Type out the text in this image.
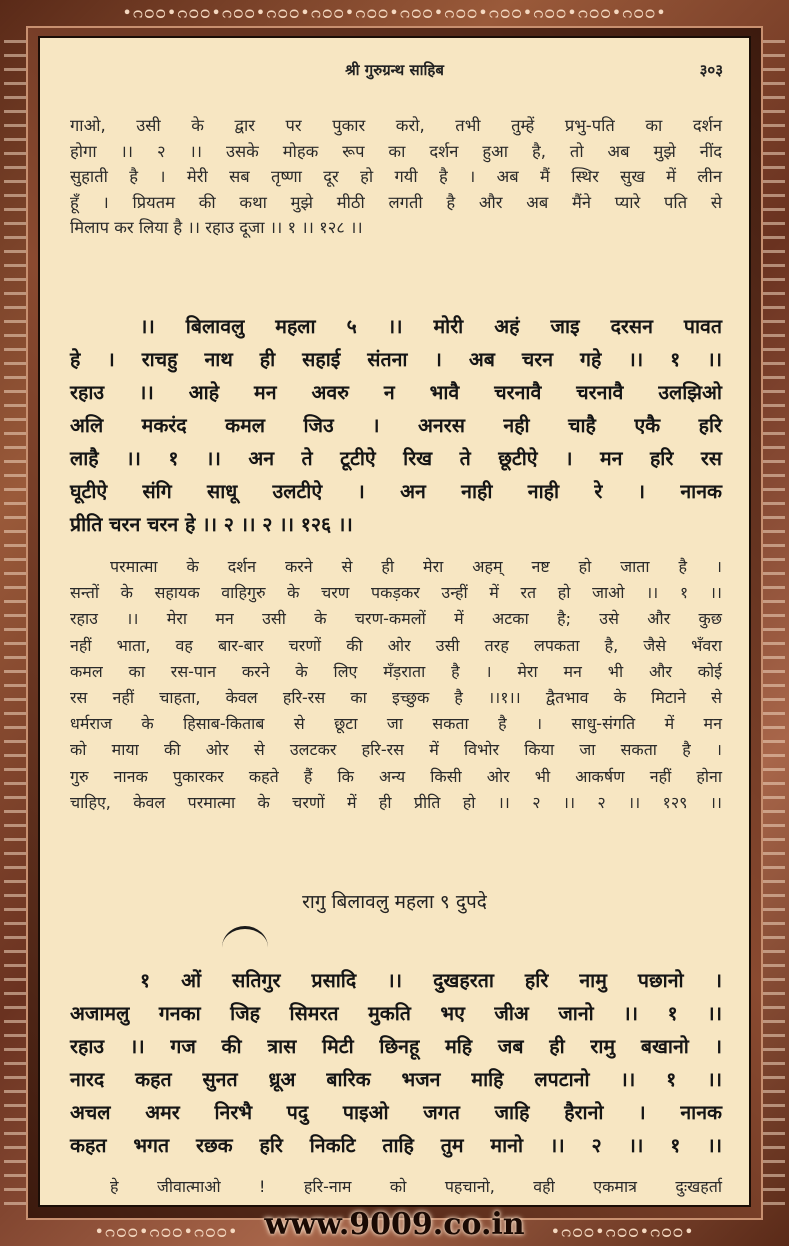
•ᴒᴑᴑ•ᴒᴑᴑ•ᴒᴑᴑ•ᴒᴑᴑ•ᴒᴑᴑ•ᴒᴑᴑ•ᴒᴑᴑ•ᴒᴑᴑ•ᴒᴑᴑ•ᴒᴑᴑ•ᴒᴑᴑ•ᴒᴑᴑ•
श्री गुरुग्रन्थ साहिब	३०३
गाओ, उसी के द्वार पर पुकार करो, तभी तुम्हें प्रभु-पति का दर्शन
होगा ।। २ ।। उसके मोहक रूप का दर्शन हुआ है, तो अब मुझे नींद
सुहाती है । मेरी सब तृष्णा दूर हो गयी है । अब मैं स्थिर सुख में लीन
हूँ । प्रियतम की कथा मुझे मीठी लगती है और अब मैंने प्यारे पति से
मिलाप कर लिया है ।। रहाउ दूजा ।। १ ।। १२८ ।।
।। बिलावलु महला ५ ।। मोरी अहं जाइ दरसन पावत
हे । राचहु नाथ ही सहाई संतना । अब चरन गहे ।। १ ।।
रहाउ ।। आहे मन अवरु न भावै चरनावै चरनावै उलझिओ
अलि मकरंद कमल जिउ । अनरस नही चाहै एकै हरि
लाहै ।। १ ।। अन ते टूटीऐ रिख ते छूटीऐ । मन हरि रस
घूटीऐ संगि साधू उलटीऐ । अन नाही नाही रे । नानक
प्रीति चरन चरन हे ।। २ ।। २ ।। १२६ ।।
परमात्मा के दर्शन करने से ही मेरा अहम् नष्ट हो जाता है ।
सन्तों के सहायक वाहिगुरु के चरण पकड़कर उन्हीं में रत हो जाओ ।। १ ।।
रहाउ ।। मेरा मन उसी के चरण-कमलों में अटका है; उसे और कुछ
नहीं भाता, वह बार-बार चरणों की ओर उसी तरह लपकता है, जैसे भँवरा
कमल का रस-पान करने के लिए मँड़राता है । मेरा मन भी और कोई
रस नहीं चाहता, केवल हरि-रस का इच्छुक है ।।१।। द्वैतभाव के मिटाने से
धर्मराज के हिसाब-किताब से छूटा जा सकता है । साधु-संगति में मन
को माया की ओर से उलटकर हरि-रस में विभोर किया जा सकता है ।
गुरु नानक पुकारकर कहते हैं कि अन्य किसी ओर भी आकर्षण नहीं होना
चाहिए, केवल परमात्मा के चरणों में ही प्रीति हो ।। २ ।। २ ।। १२९ ।।
रागु बिलावलु महला ९ दुपदे
१ ओं सतिगुर प्रसादि ।। दुखहरता हरि नामु पछानो ।
अजामलु गनका जिह सिमरत मुकति भए जीअ जानो ।। १ ।।
रहाउ ।। गज की त्रास मिटी छिनहू महि जब ही रामु बखानो ।
नारद कहत सुनत ध्रूअ बारिक भजन माहि लपटानो ।। १ ।।
अचल अमर निरभै पदु पाइओ जगत जाहि हैरानो । नानक
कहत भगत रछक हरि निकटि ताहि तुम मानो ।। २ ।। १ ।।
हे जीवात्माओ ! हरि-नाम को पहचानो, वही एकमात्र दुःखहर्ता
•ᴒᴑᴑ•ᴒᴑᴑ•ᴒᴑᴑ•	•ᴒᴑᴑ•ᴒᴑᴑ•ᴒᴑᴑ•
www.9009.co.in
